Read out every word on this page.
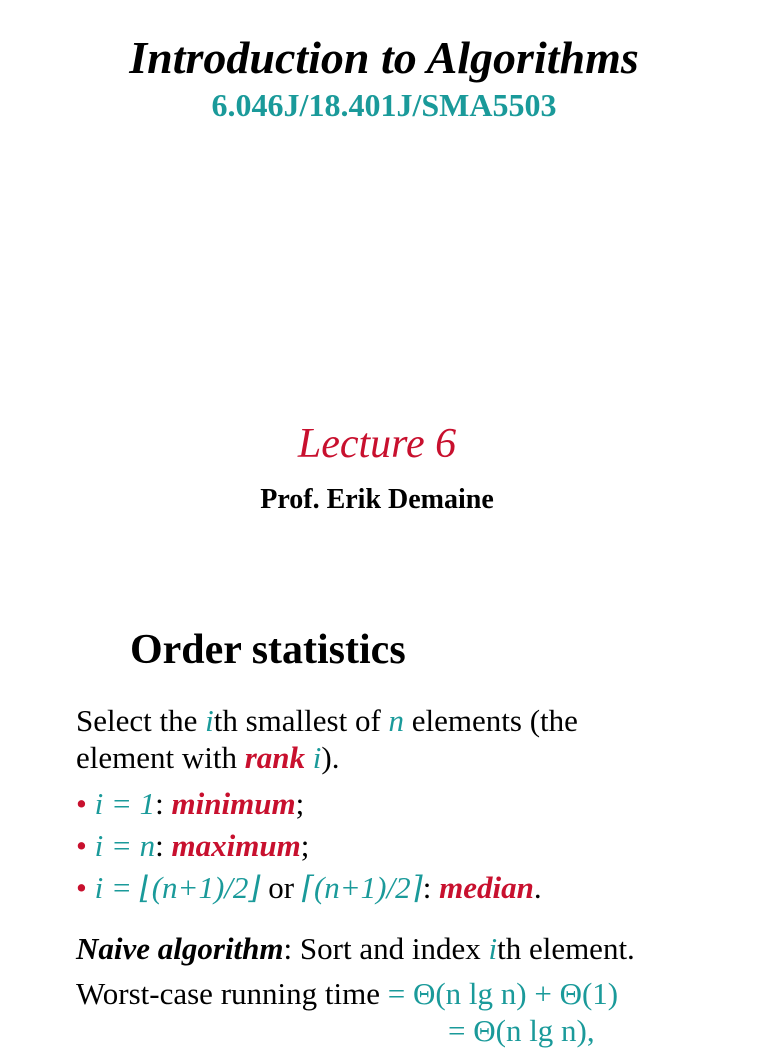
Introduction to Algorithms
6.046J/18.401J/SMA5503
Lecture 6
Prof. Erik Demaine
Order statistics
Select the ith smallest of n elements (the
element with rank i).
• i = 1: minimum;
• i = n: maximum;
• i = ⌊(n+1)/2⌋ or ⌈(n+1)/2⌉: median.
Naive algorithm: Sort and index ith element.
Worst-case running time = Θ(n lg n) + Θ(1)
= Θ(n lg n),
